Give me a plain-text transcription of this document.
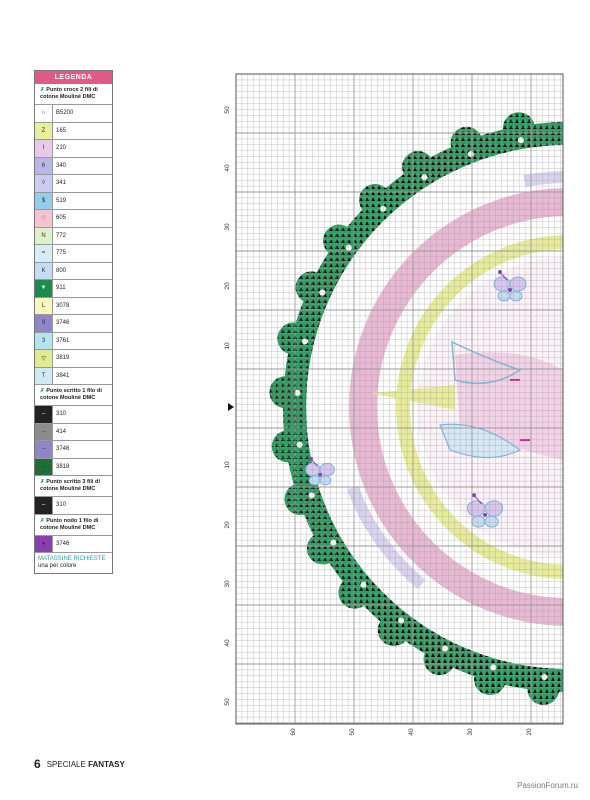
LEGENDA
✗ Punto croce 2 fili di cotone Mouliné DMC
∩	B5200
Z	165
I	210
6	340
◊	341
$	519
♡	605
N	772
=	775
K	800
▼	911
L	3078
9	3746
3	3761
▽	3819
T	3841
✗ Punto scritto 1 filo di cotone Mouliné DMC
–	310
–	414
–	3746
–	3818
✗ Punto scritto 3 fili di cotone Mouliné DMC
–	310
✗ Punto nodo 1 filo di cotone Mouliné DMC
●	3746
MATASSINE RICHIESTE
una per colore
50
40
30
20
10
10
20
30
40
50
60	50	40	30	20
6 SPECIALE FANTASY
PassionForum.ru
